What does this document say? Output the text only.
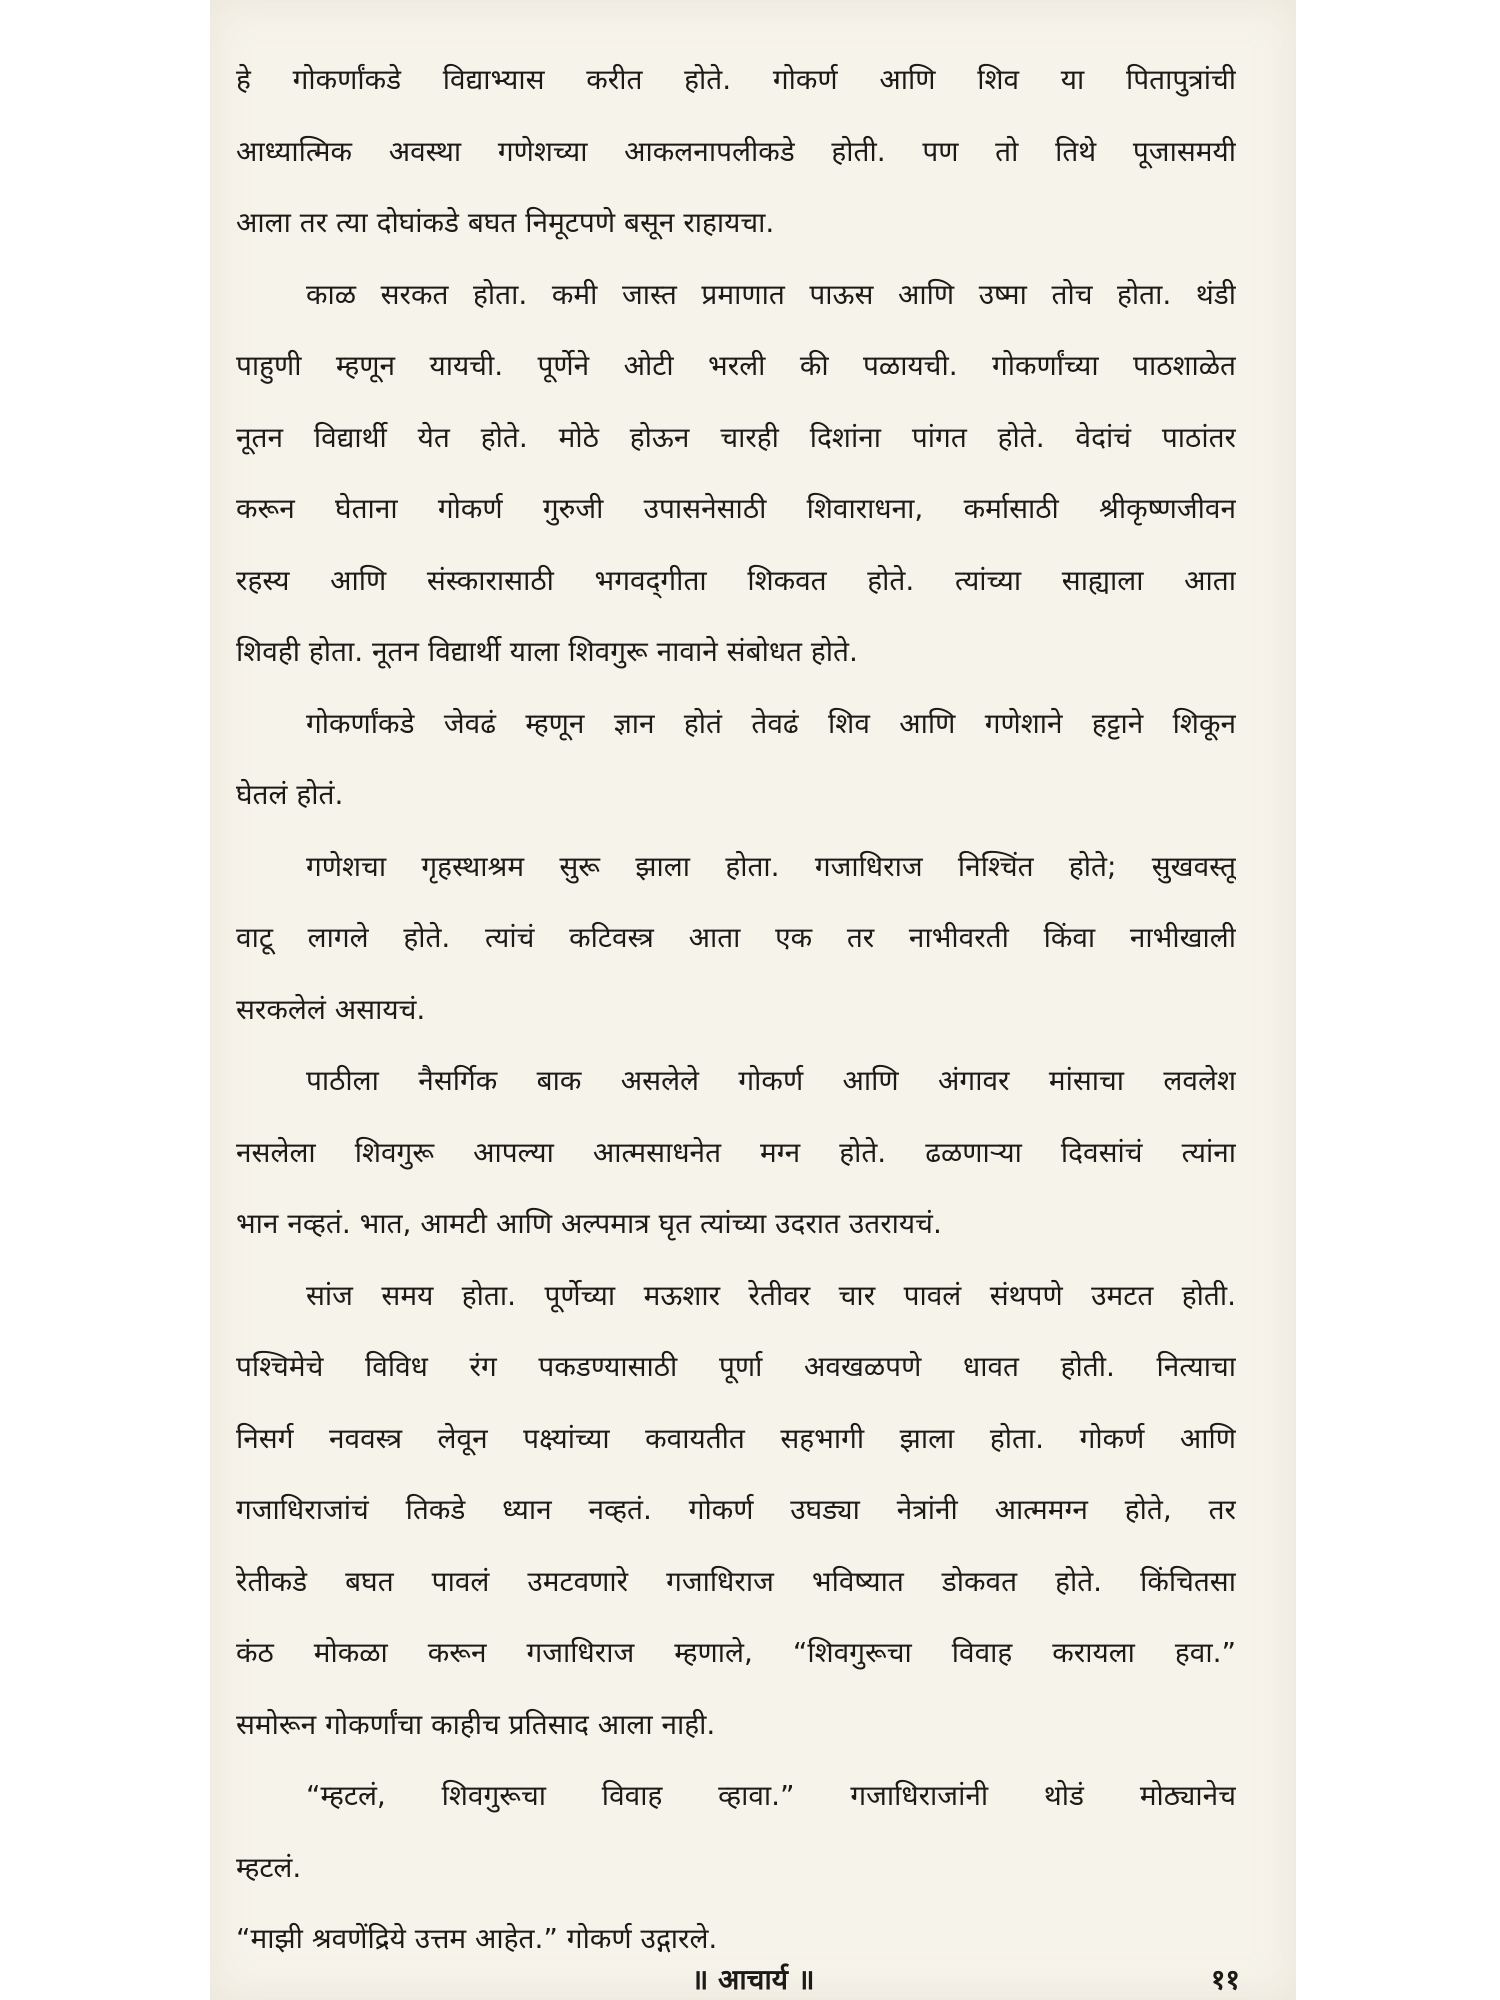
हे गोकर्णांकडे विद्याभ्यास करीत होते. गोकर्ण आणि शिव या पितापुत्रांची
आध्यात्मिक अवस्था गणेशच्या आकलनापलीकडे होती. पण तो तिथे पूजासमयी
आला तर त्या दोघांकडे बघत निमूटपणे बसून राहायचा.
काळ सरकत होता. कमी जास्त प्रमाणात पाऊस आणि उष्मा तोच होता. थंडी
पाहुणी म्हणून यायची. पूर्णेने ओटी भरली की पळायची. गोकर्णांच्या पाठशाळेत
नूतन विद्यार्थी येत होते. मोठे होऊन चारही दिशांना पांगत होते. वेदांचं पाठांतर
करून घेताना गोकर्ण गुरुजी उपासनेसाठी शिवाराधना, कर्मासाठी श्रीकृष्णजीवन
रहस्य आणि संस्कारासाठी भगवद्‌गीता शिकवत होते. त्यांच्या साह्याला आता
शिवही होता. नूतन विद्यार्थी याला शिवगुरू नावाने संबोधत होते.
गोकर्णांकडे जेवढं म्हणून ज्ञान होतं तेवढं शिव आणि गणेशाने हट्टाने शिकून
घेतलं होतं.
गणेशचा गृहस्थाश्रम सुरू झाला होता. गजाधिराज निश्चिंत होते; सुखवस्तू
वाटू लागले होते. त्यांचं कटिवस्त्र आता एक तर नाभीवरती किंवा नाभीखाली
सरकलेलं असायचं.
पाठीला नैसर्गिक बाक असलेले गोकर्ण आणि अंगावर मांसाचा लवलेश
नसलेला शिवगुरू आपल्या आत्मसाधनेत मग्न होते. ढळणाऱ्या दिवसांचं त्यांना
भान नव्हतं. भात, आमटी आणि अल्पमात्र घृत त्यांच्या उदरात उतरायचं.
सांज समय होता. पूर्णेच्या मऊशार रेतीवर चार पावलं संथपणे उमटत होती.
पश्चिमेचे विविध रंग पकडण्यासाठी पूर्णा अवखळपणे धावत होती. नित्याचा
निसर्ग नववस्त्र लेवून पक्ष्यांच्या कवायतीत सहभागी झाला होता. गोकर्ण आणि
गजाधिराजांचं तिकडे ध्यान नव्हतं. गोकर्ण उघड्या नेत्रांनी आत्ममग्न होते, तर
रेतीकडे बघत पावलं उमटवणारे गजाधिराज भविष्यात डोकवत होते. किंचितसा
कंठ मोकळा करून गजाधिराज म्हणाले, “शिवगुरूचा विवाह करायला हवा.”
समोरून गोकर्णांचा काहीच प्रतिसाद आला नाही.
“म्हटलं, शिवगुरूचा विवाह व्हावा.” गजाधिराजांनी थोडं मोठ्यानेच
म्हटलं.
“माझी श्रवणेंद्रिये उत्तम आहेत.” गोकर्ण उद्गारले.
॥ आचार्य ॥	११
